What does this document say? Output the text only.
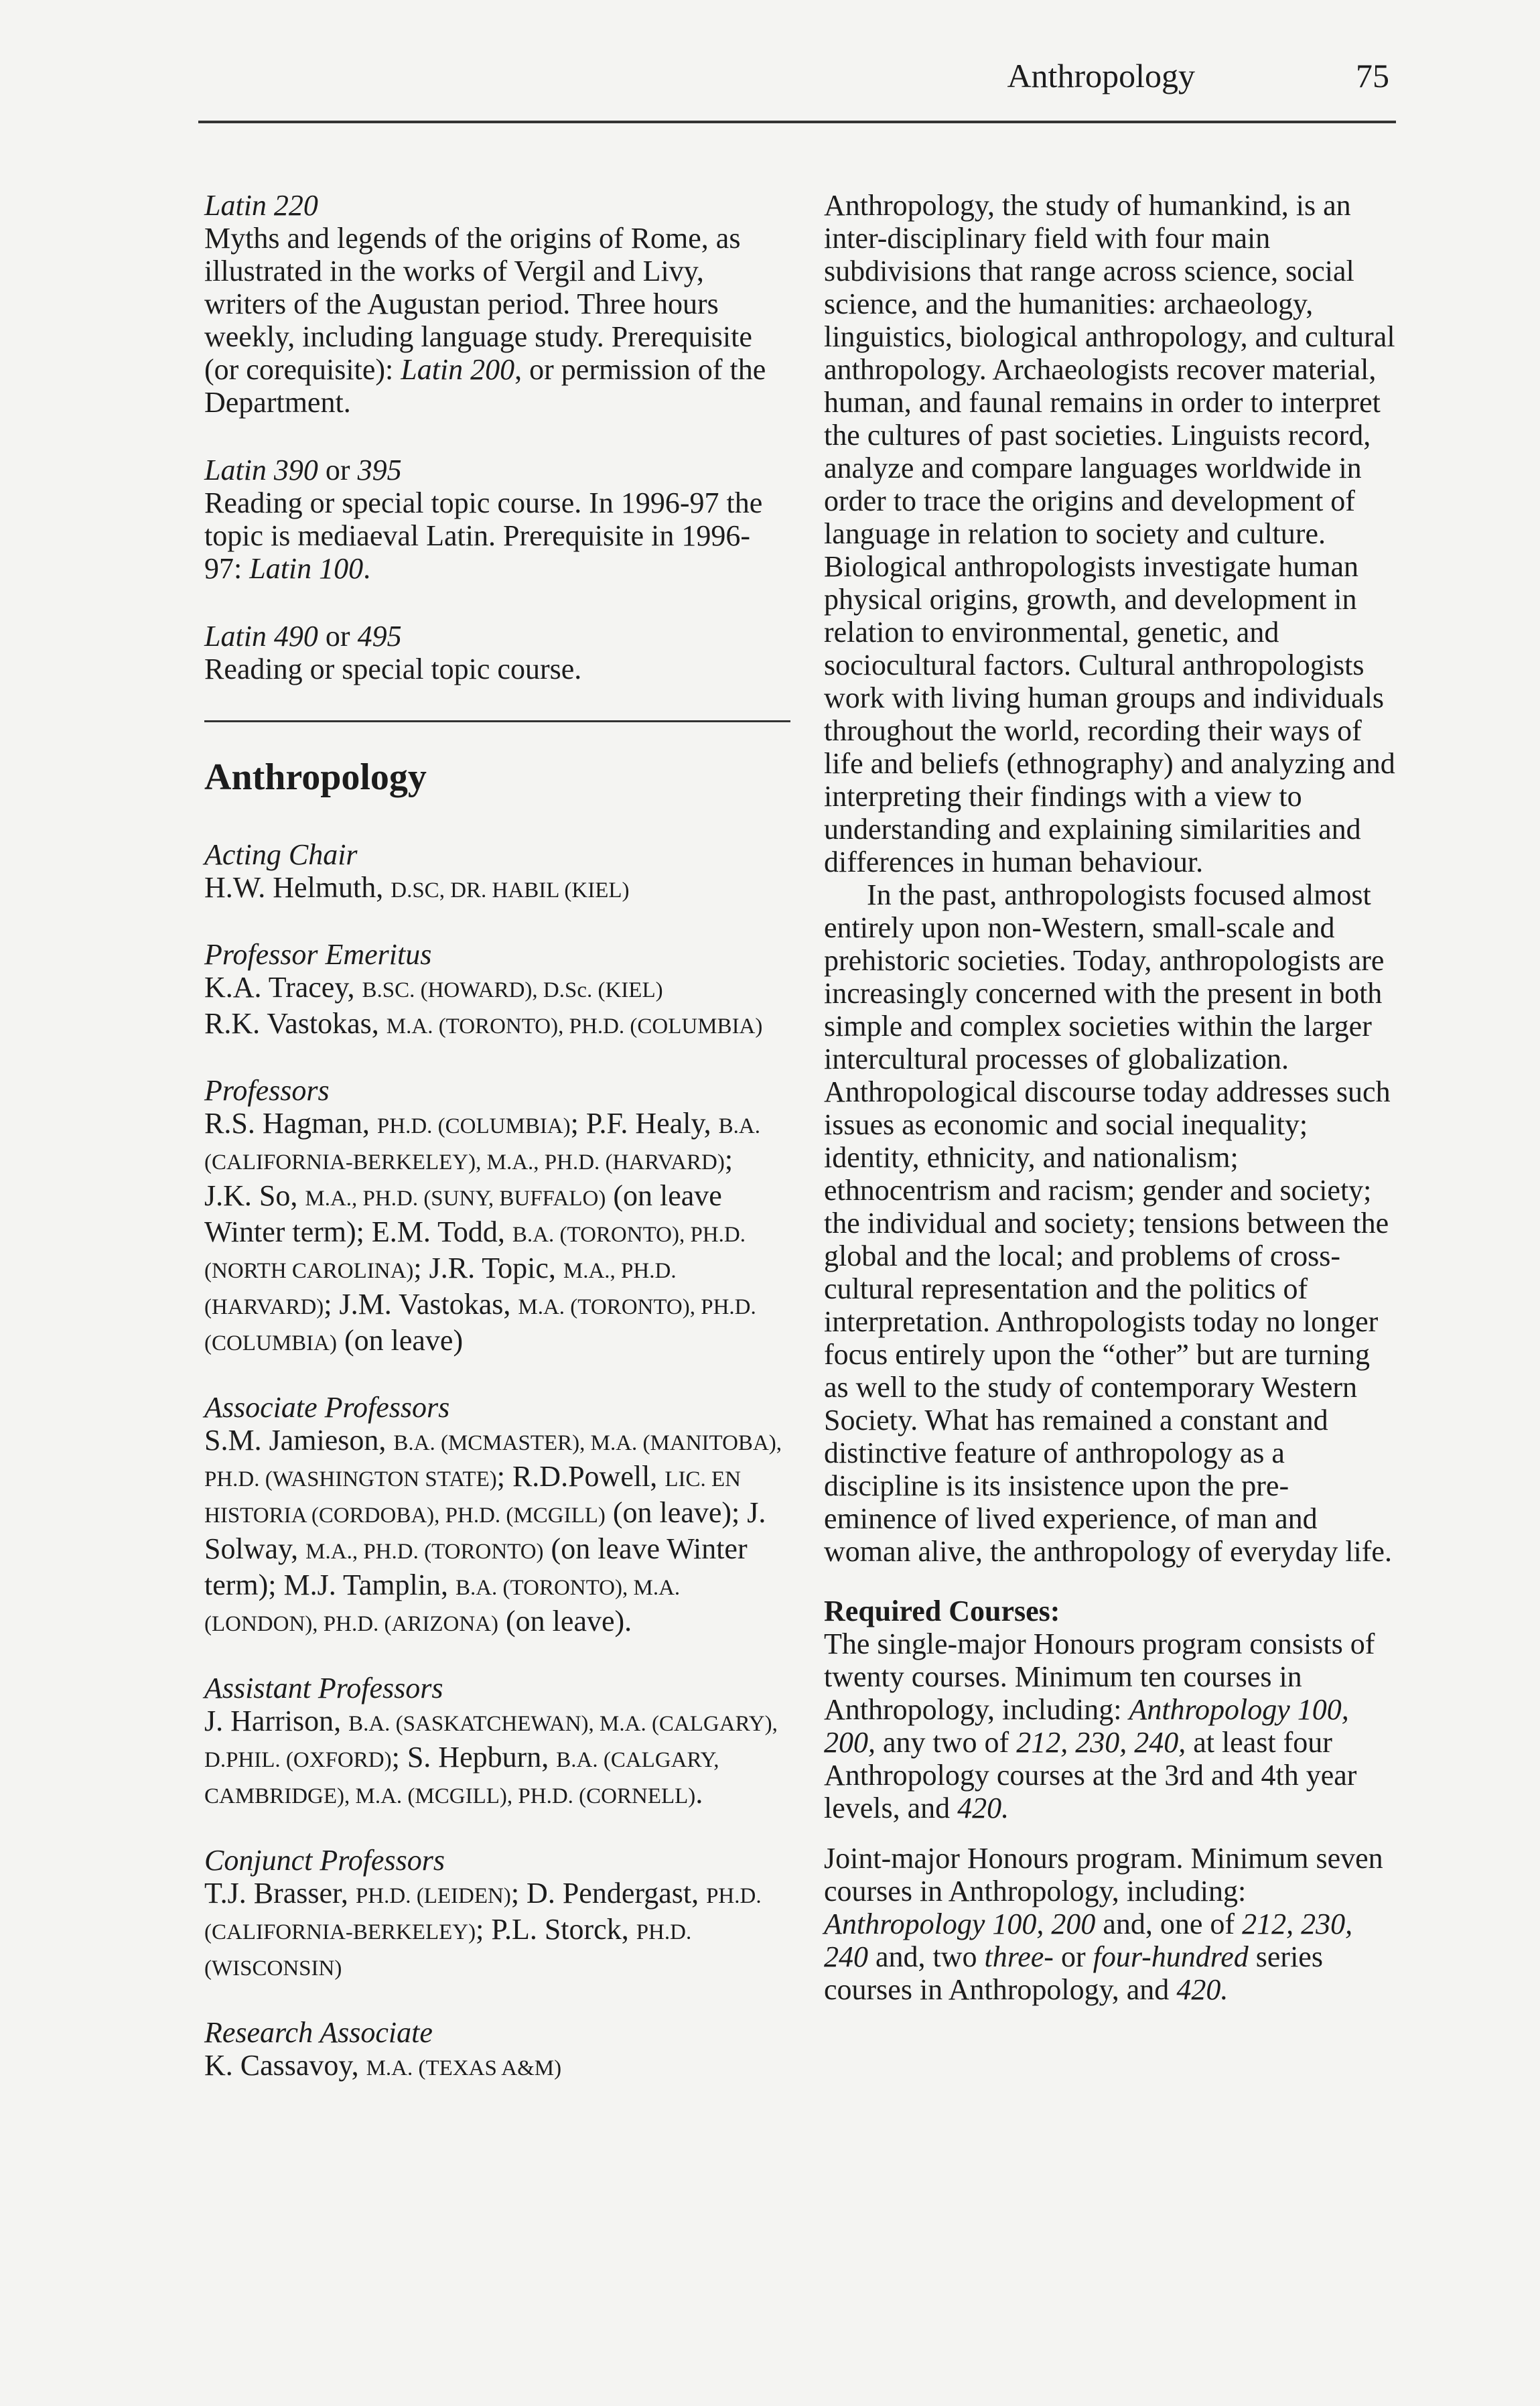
Anthropology	75
Latin 220
Myths and legends of the origins of Rome, as illustrated in the works of Vergil and Livy, writers of the Augustan period. Three hours weekly, including language study. Prerequisite (or corequisite): Latin 200, or permission of the Department.
Latin 390 or 395
Reading or special topic course. In 1996-97 the topic is mediaeval Latin. Prerequisite in 1996-97: Latin 100.
Latin 490 or 495
Reading or special topic course.
Anthropology
Acting Chair
H.W. Helmuth, D.SC, DR. HABIL (KIEL)
Professor Emeritus
K.A. Tracey, B.SC. (HOWARD), D.Sc. (KIEL)
R.K. Vastokas, M.A. (TORONTO), PH.D. (COLUMBIA)
Professors
R.S. Hagman, PH.D. (COLUMBIA); P.F. Healy, B.A. (CALIFORNIA-BERKELEY), M.A., PH.D. (HARVARD); J.K. So, M.A., PH.D. (SUNY, BUFFALO) (on leave Winter term); E.M. Todd, B.A. (TORONTO), PH.D. (NORTH CAROLINA); J.R. Topic, M.A., PH.D. (HARVARD); J.M. Vastokas, M.A. (TORONTO), PH.D. (COLUMBIA) (on leave)
Associate Professors
S.M. Jamieson, B.A. (MCMASTER), M.A. (MANITOBA), PH.D. (WASHINGTON STATE); R.D.Powell, LIC. EN HISTORIA (CORDOBA), PH.D. (MCGILL) (on leave); J. Solway, M.A., PH.D. (TORONTO) (on leave Winter term); M.J. Tamplin, B.A. (TORONTO), M.A. (LONDON), PH.D. (ARIZONA) (on leave).
Assistant Professors
J. Harrison, B.A. (SASKATCHEWAN), M.A. (CALGARY), D.PHIL. (OXFORD); S. Hepburn, B.A. (CALGARY, CAMBRIDGE), M.A. (MCGILL), PH.D. (CORNELL).
Conjunct Professors
T.J. Brasser, PH.D. (LEIDEN); D. Pendergast, PH.D. (CALIFORNIA-BERKELEY); P.L. Storck, PH.D. (WISCONSIN)
Research Associate
K. Cassavoy, M.A. (TEXAS A&M)

Anthropology, the study of humankind, is an inter-disciplinary field with four main subdivisions that range across science, social science, and the humanities: archaeology, linguistics, biological anthropology, and cultural anthropology. Archaeologists recover material, human, and faunal remains in order to interpret the cultures of past societies. Linguists record, analyze and compare languages worldwide in order to trace the origins and development of language in relation to society and culture. Biological anthropologists investigate human physical origins, growth, and development in relation to environmental, genetic, and sociocultural factors. Cultural anthropologists work with living human groups and individuals throughout the world, recording their ways of life and beliefs (ethnography) and analyzing and interpreting their findings with a view to understanding and explaining similarities and differences in human behaviour.

In the past, anthropologists focused almost entirely upon non-Western, small-scale and prehistoric societies. Today, anthropologists are increasingly concerned with the present in both simple and complex societies within the larger intercultural processes of globalization. Anthropological discourse today addresses such issues as economic and social inequality; identity, ethnicity, and nationalism; ethnocentrism and racism; gender and society; the individual and society; tensions between the global and the local; and problems of cross-cultural representation and the politics of interpretation. Anthropologists today no longer focus entirely upon the “other” but are turning as well to the study of contemporary Western Society. What has remained a constant and distinctive feature of anthropology as a discipline is its insistence upon the pre-eminence of lived experience, of man and woman alive, the anthropology of everyday life.

Required Courses:

The single-major Honours program consists of twenty courses. Minimum ten courses in Anthropology, including: Anthropology 100, 200, any two of 212, 230, 240, at least four Anthropology courses at the 3rd and 4th year levels, and 420.

Joint-major Honours program. Minimum seven courses in Anthropology, including: Anthropology 100, 200 and, one of 212, 230, 240 and, two three- or four-hundred series courses in Anthropology, and 420.
